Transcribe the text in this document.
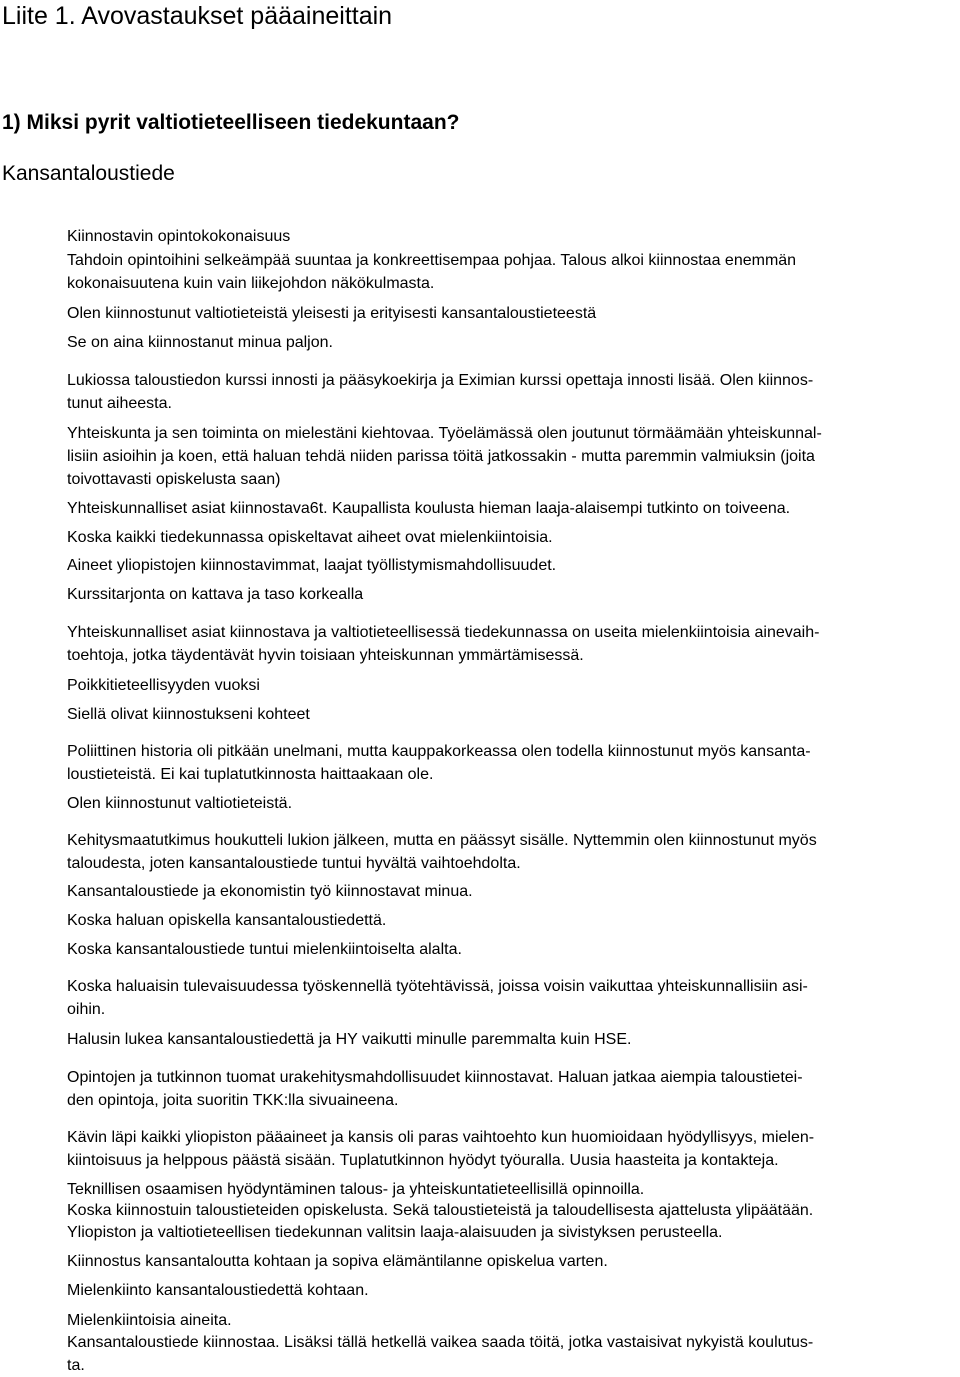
Liite 1. Avovastaukset pääaineittain
1) Miksi pyrit valtiotieteelliseen tiedekuntaan?
Kansantaloustiede
Kiinnostavin opintokokonaisuus
Tahdoin opintoihini selkeämpää suuntaa ja konkreettisempaa pohjaa. Talous alkoi kiinnostaa enemmän
kokonaisuutena kuin vain liikejohdon näkökulmasta.
Olen kiinnostunut valtiotieteistä yleisesti ja erityisesti kansantaloustieteestä
Se on aina kiinnostanut minua paljon.
Lukiossa taloustiedon kurssi innosti ja pääsykoekirja ja Eximian kurssi opettaja innosti lisää. Olen kiinnos-
tunut aiheesta.
Yhteiskunta ja sen toiminta on mielestäni kiehtovaa. Työelämässä olen joutunut törmäämään yhteiskunnal-
lisiin asioihin ja koen, että haluan tehdä niiden parissa töitä jatkossakin - mutta paremmin valmiuksin (joita
toivottavasti opiskelusta saan)
Yhteiskunnalliset asiat kiinnostava6t. Kaupallista koulusta hieman laaja-alaisempi tutkinto on toiveena.
Koska kaikki tiedekunnassa opiskeltavat aiheet ovat mielenkiintoisia.
Aineet yliopistojen kiinnostavimmat, laajat työllistymismahdollisuudet.
Kurssitarjonta on kattava ja taso korkealla
Yhteiskunnalliset asiat kiinnostava ja valtiotieteellisessä tiedekunnassa on useita mielenkiintoisia ainevaih-
toehtoja, jotka täydentävät hyvin toisiaan yhteiskunnan ymmärtämisessä.
Poikkitieteellisyyden vuoksi
Siellä olivat kiinnostukseni kohteet
Poliittinen historia oli pitkään unelmani, mutta kauppakorkeassa olen todella kiinnostunut myös kansanta-
loustieteistä. Ei kai tuplatutkinnosta haittaakaan ole.
Olen kiinnostunut valtiotieteistä.
Kehitysmaatutkimus houkutteli lukion jälkeen, mutta en päässyt sisälle. Nyttemmin olen kiinnostunut myös
taloudesta, joten kansantaloustiede tuntui hyvältä vaihtoehdolta.
Kansantaloustiede ja ekonomistin työ kiinnostavat minua.
Koska haluan opiskella kansantaloustiedettä.
Koska kansantaloustiede tuntui mielenkiintoiselta alalta.
Koska haluaisin tulevaisuudessa työskennellä työtehtävissä, joissa voisin vaikuttaa yhteiskunnallisiin asi-
oihin.
Halusin lukea kansantaloustiedettä ja HY vaikutti minulle paremmalta kuin HSE.
Opintojen ja tutkinnon tuomat urakehitysmahdollisuudet kiinnostavat. Haluan jatkaa aiempia taloustietei-
den opintoja, joita suoritin TKK:lla sivuaineena.
Kävin läpi kaikki yliopiston pääaineet ja kansis oli paras vaihtoehto kun huomioidaan hyödyllisyys, mielen-
kiintoisuus ja helppous päästä sisään. Tuplatutkinnon hyödyt työuralla. Uusia haasteita ja kontakteja.
Teknillisen osaamisen hyödyntäminen talous- ja yhteiskuntatieteellisillä opinnoilla.
Koska kiinnostuin taloustieteiden opiskelusta. Sekä taloustieteistä ja taloudellisesta ajattelusta ylipäätään.
Yliopiston ja valtiotieteellisen tiedekunnan valitsin laaja-alaisuuden ja sivistyksen perusteella.
Kiinnostus kansantaloutta kohtaan ja sopiva elämäntilanne opiskelua varten.
Mielenkiinto kansantaloustiedettä kohtaan.
Mielenkiintoisia aineita.
Kansantaloustiede kiinnostaa. Lisäksi tällä hetkellä vaikea saada töitä, jotka vastaisivat nykyistä koulutus-
ta.
